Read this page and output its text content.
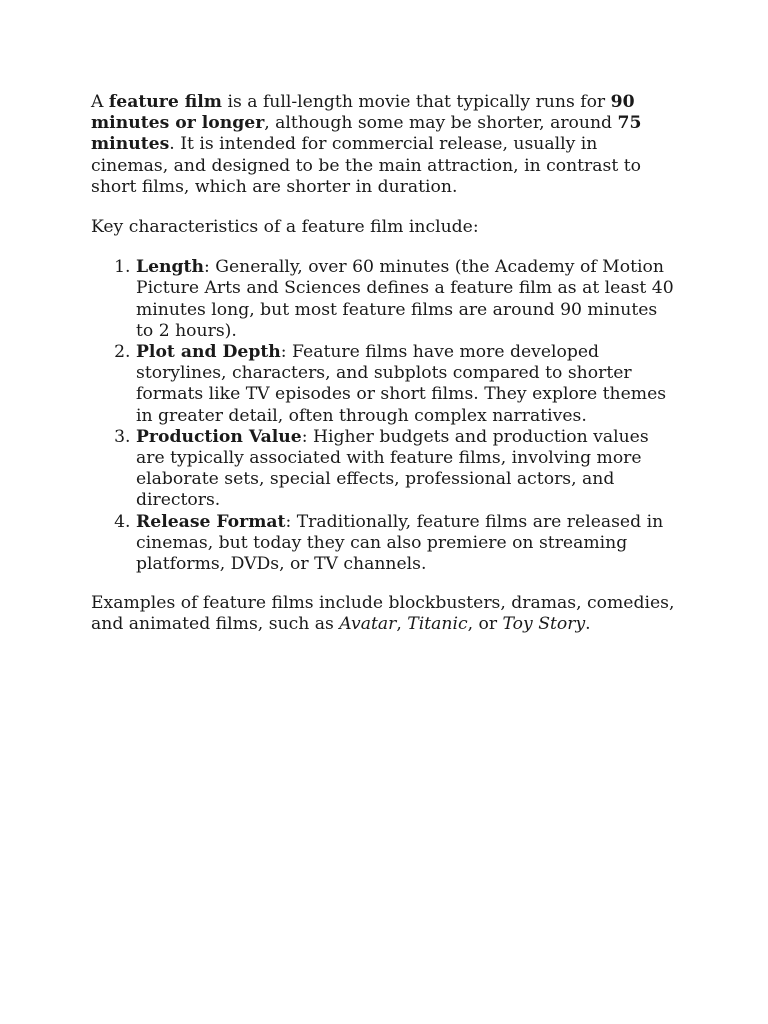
A feature film is a full-length movie that typically runs for 90 minutes or longer, although some may be shorter, around 75 minutes. It is intended for commercial release, usually in cinemas, and designed to be the main attraction, in contrast to short films, which are shorter in duration.

Key characteristics of a feature film include:

1. Length: Generally, over 60 minutes (the Academy of Motion Picture Arts and Sciences defines a feature film as at least 40 minutes long, but most feature films are around 90 minutes to 2 hours).
2. Plot and Depth: Feature films have more developed storylines, characters, and subplots compared to shorter formats like TV episodes or short films. They explore themes in greater detail, often through complex narratives.
3. Production Value: Higher budgets and production values are typically associated with feature films, involving more elaborate sets, special effects, professional actors, and directors.
4. Release Format: Traditionally, feature films are released in cinemas, but today they can also premiere on streaming platforms, DVDs, or TV channels.

Examples of feature films include blockbusters, dramas, comedies, and animated films, such as Avatar, Titanic, or Toy Story.
